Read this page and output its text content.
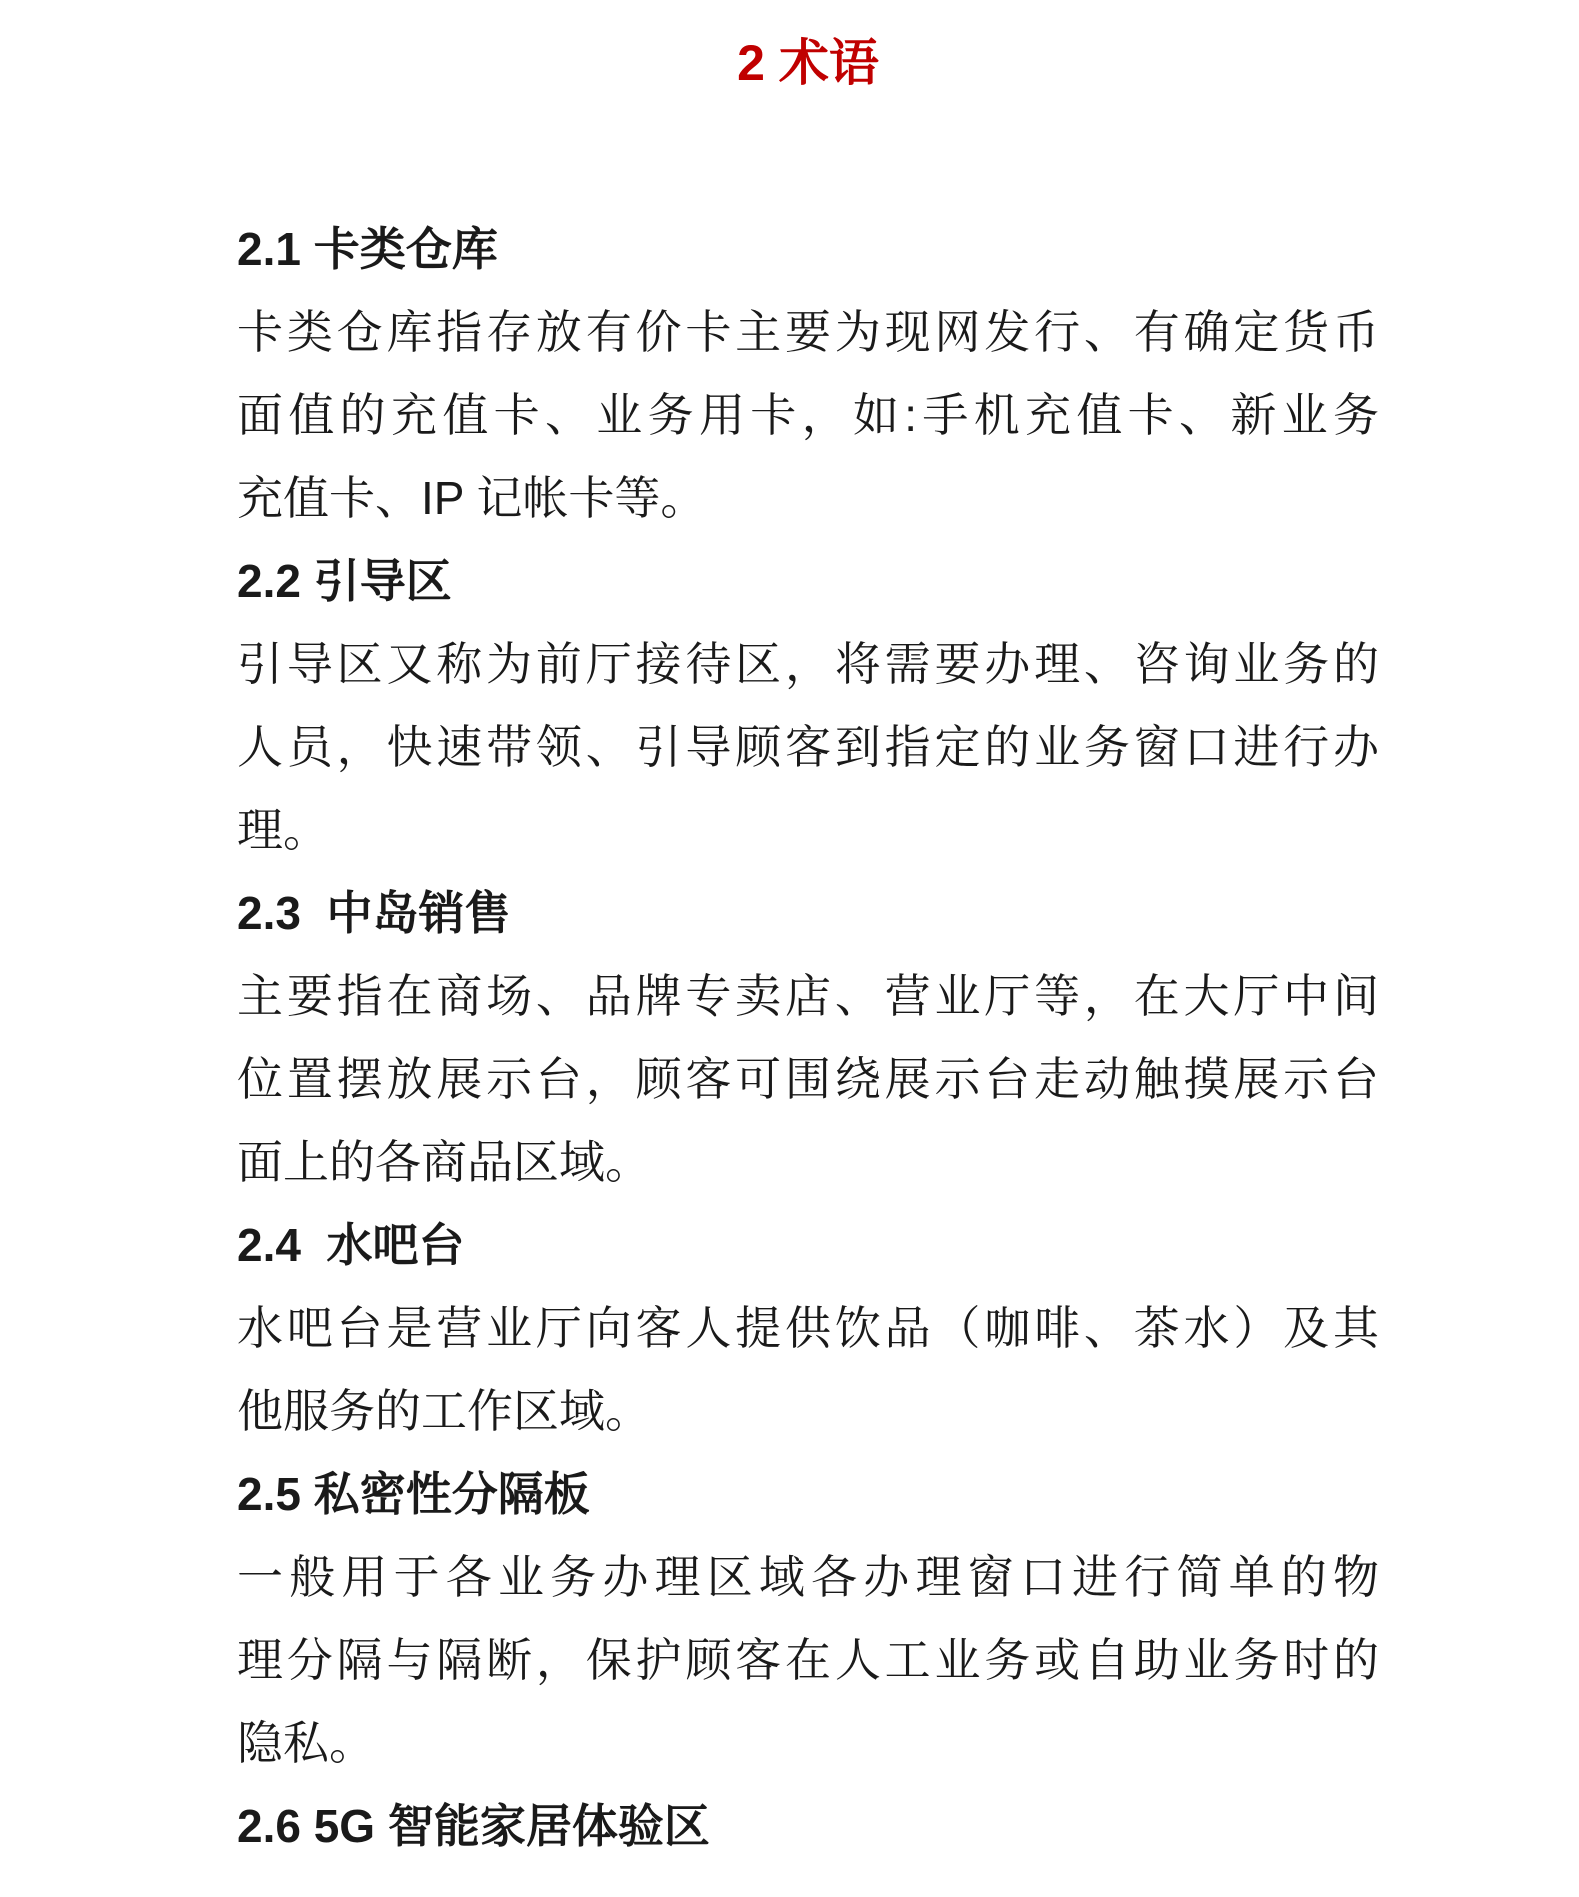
2 术语
2.1 卡类仓库
卡类仓库指存放有价卡主要为现网发行、有确定货币
面值的充值卡、业务用卡，如:手机充值卡、新业务
充值卡、IP 记帐卡等。
2.2 引导区
引导区又称为前厅接待区，将需要办理、咨询业务的
人员，快速带领、引导顾客到指定的业务窗口进行办
理。
2.3  中岛销售
主要指在商场、品牌专卖店、营业厅等，在大厅中间
位置摆放展示台，顾客可围绕展示台走动触摸展示台
面上的各商品区域。
2.4  水吧台
水吧台是营业厅向客人提供饮品（咖啡、茶水）及其
他服务的工作区域。
2.5 私密性分隔板
一般用于各业务办理区域各办理窗口进行简单的物
理分隔与隔断，保护顾客在人工业务或自助业务时的
隐私。
2.6 5G 智能家居体验区
